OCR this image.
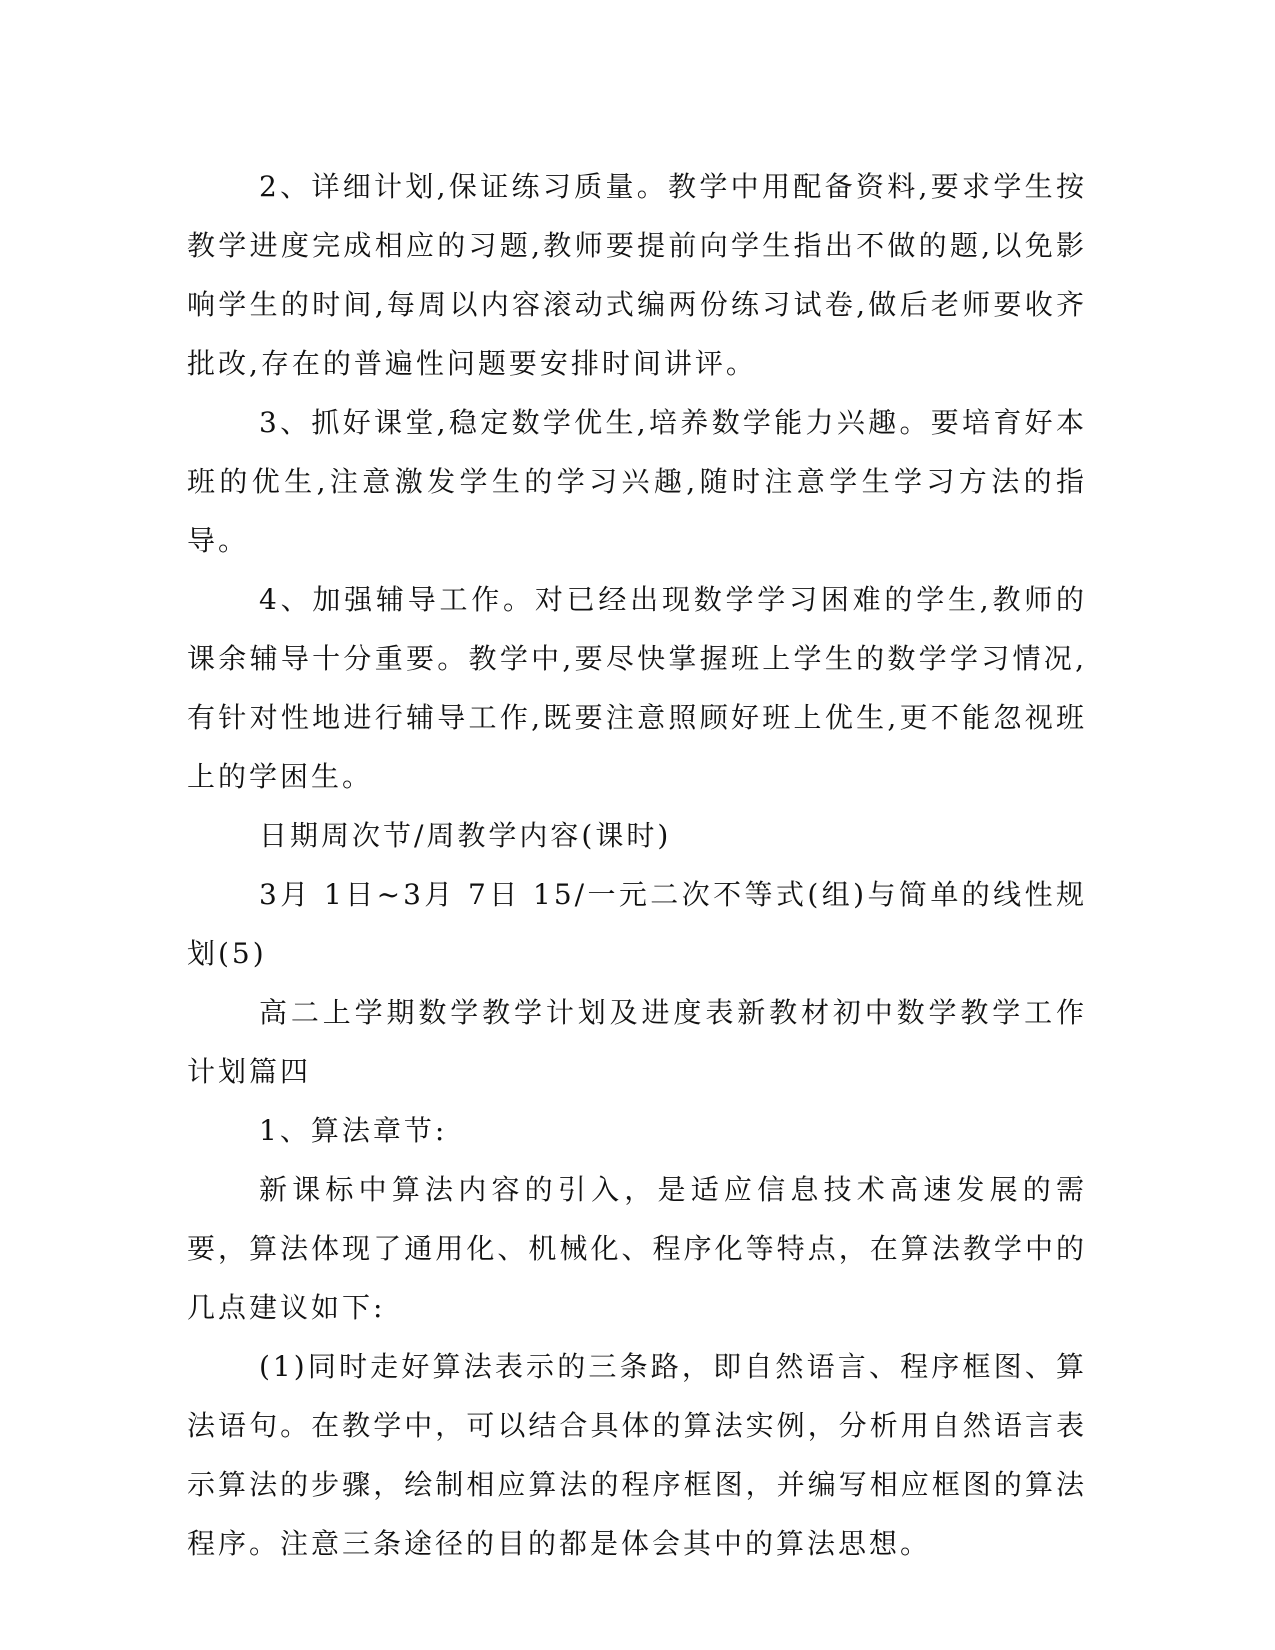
2、详细计划,保证练习质量。教学中用配备资料,要求学生按教学进度完成相应的习题,教师要提前向学生指出不做的题,以免影响学生的时间,每周以内容滚动式编两份练习试卷,做后老师要收齐批改,存在的普遍性问题要安排时间讲评。

3、抓好课堂,稳定数学优生,培养数学能力兴趣。要培育好本班的优生,注意激发学生的学习兴趣,随时注意学生学习方法的指导。

4、加强辅导工作。对已经出现数学学习困难的学生,教师的课余辅导十分重要。教学中,要尽快掌握班上学生的数学学习情况,有针对性地进行辅导工作,既要注意照顾好班上优生,更不能忽视班上的学困生。

日期周次节/周教学内容(课时)

3月 1日~3月 7日 15/一元二次不等式(组)与简单的线性规划(5)

高二上学期数学教学计划及进度表新教材初中数学教学工作计划篇四

1、算法章节:

新课标中算法内容的引入，是适应信息技术高速发展的需要，算法体现了通用化、机械化、程序化等特点，在算法教学中的几点建议如下:

(1)同时走好算法表示的三条路，即自然语言、程序框图、算法语句。在教学中，可以结合具体的算法实例，分析用自然语言表示算法的步骤，绘制相应算法的程序框图，并编写相应框图的算法程序。注意三条途径的目的都是体会其中的算法思想。
